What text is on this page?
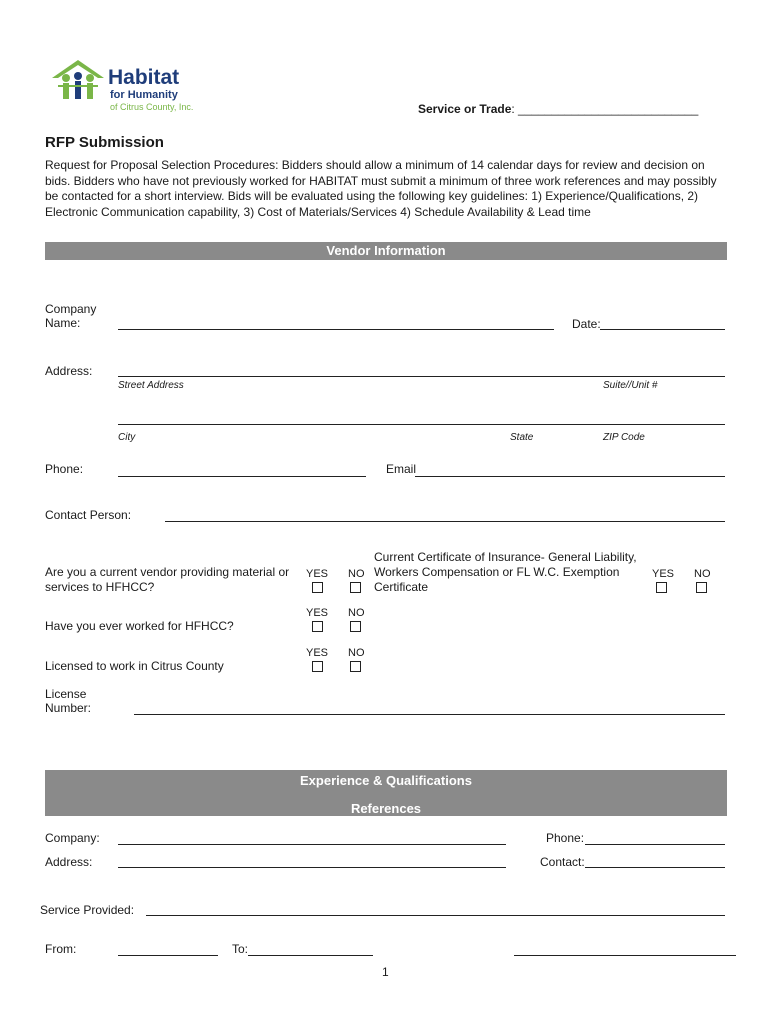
Habitat
for Humanity
of Citrus County, Inc.	Service or Trade: ___________________________
RFP Submission
Request for Proposal Selection Procedures: Bidders should allow a minimum of 14 calendar days for review and decision on bids. Bidders who have not previously worked for HABITAT must submit a minimum of three work references and may possibly be contacted for a short interview. Bids will be evaluated using the following key guidelines: 1) Experience/Qualifications, 2) Electronic Communication capability, 3) Cost of Materials/Services 4) Schedule Availability & Lead time
Vendor Information
Company
Name:	Date:
Address:
Street Address	Suite//Unit #
City	State	ZIP Code
Phone:	Email
Contact Person:
Are you a current vendor providing material or services to HFHCC?
YES NO
Current Certificate of Insurance- General Liability, Workers Compensation or FL W.C. Exemption Certificate
YES NO
Have you ever worked for HFHCC?
YES NO
Licensed to work in Citrus County
YES NO
License
Number:
Experience & Qualifications
References
Company:	Phone:
Address:	Contact:
Service Provided:
From:	To:
1
